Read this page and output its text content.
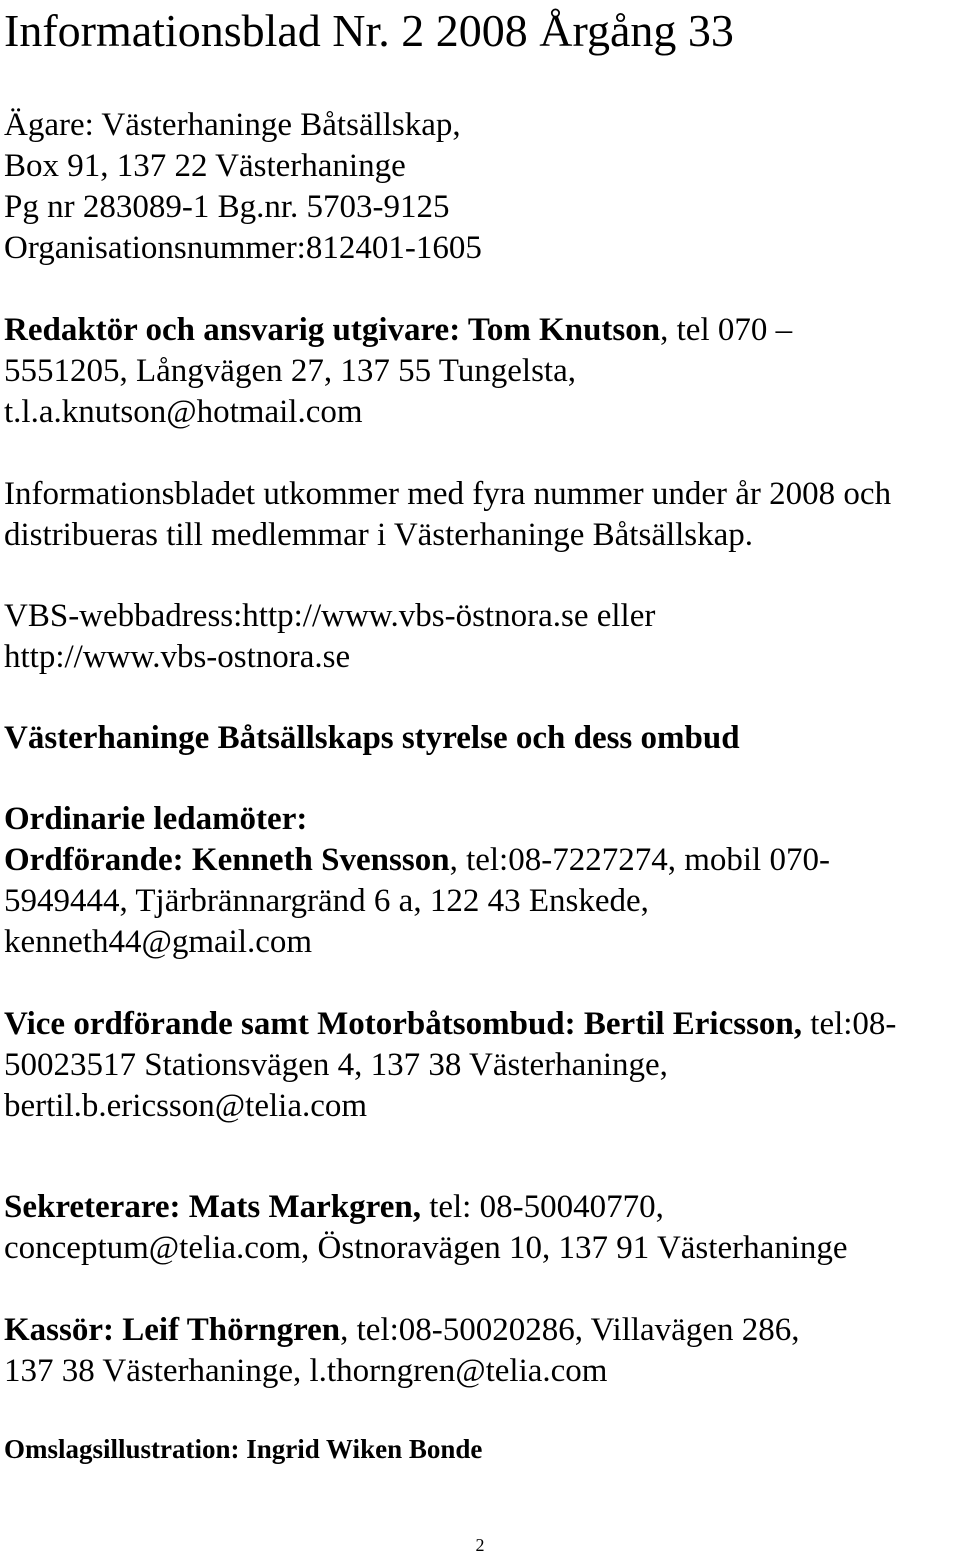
Informationsblad Nr. 2 2008 Årgång 33
Ägare: Västerhaninge Båtsällskap,
Box 91, 137 22 Västerhaninge
Pg nr 283089-1 Bg.nr. 5703-9125
Organisationsnummer:812401-1605
Redaktör och ansvarig utgivare: Tom Knutson, tel 070 –
5551205, Långvägen 27, 137 55 Tungelsta,
t.l.a.knutson@hotmail.com
Informationsbladet utkommer med fyra nummer under år 2008 och
distribueras till medlemmar i Västerhaninge Båtsällskap.
VBS-webbadress:http://www.vbs-östnora.se eller
http://www.vbs-ostnora.se
Västerhaninge Båtsällskaps styrelse och dess ombud
Ordinarie ledamöter:
Ordförande: Kenneth Svensson, tel:08-7227274, mobil 070-
5949444, Tjärbrännargränd 6 a, 122 43 Enskede,
kenneth44@gmail.com
Vice ordförande samt Motorbåtsombud: Bertil Ericsson, tel:08-
50023517 Stationsvägen 4, 137 38 Västerhaninge,
bertil.b.ericsson@telia.com
Sekreterare: Mats Markgren, tel: 08-50040770,
conceptum@telia.com, Östnoravägen 10, 137 91 Västerhaninge
Kassör: Leif Thörngren, tel:08-50020286, Villavägen 286,
137 38 Västerhaninge, l.thorngren@telia.com
Omslagsillustration: Ingrid Wiken Bonde
2
